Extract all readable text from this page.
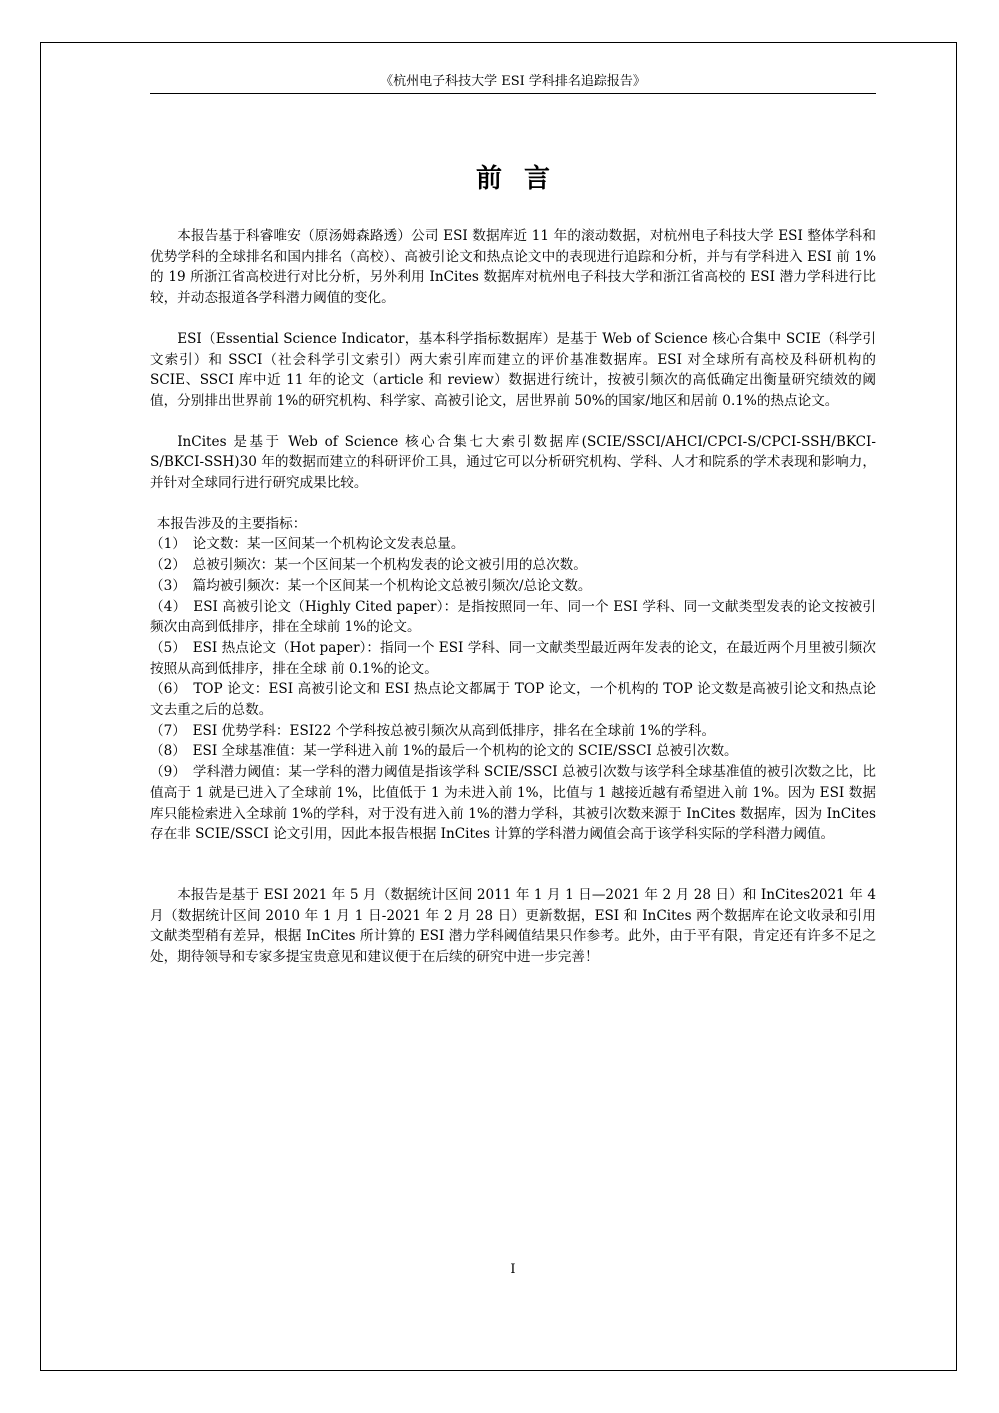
《杭州电子科技大学 ESI 学科排名追踪报告》
前言

本报告基于科睿唯安（原汤姆森路透）公司 ESI 数据库近 11 年的滚动数据，对杭州电子科技大学 ESI 整体学科和优势学科的全球排名和国内排名（高校）、高被引论文和热点论文中的表现进行追踪和分析，并与有学科进入 ESI 前 1%的 19 所浙江省高校进行对比分析，另外利用 InCites 数据库对杭州电子科技大学和浙江省高校的 ESI 潜力学科进行比较，并动态报道各学科潜力阈值的变化。

ESI（Essential Science Indicator，基本科学指标数据库）是基于 Web of Science 核心合集中 SCIE（科学引文索引）和 SSCI（社会科学引文索引）两大索引库而建立的评价基准数据库。ESI 对全球所有高校及科研机构的 SCIE、SSCI 库中近 11 年的论文（article 和 review）数据进行统计，按被引频次的高低确定出衡量研究绩效的阈值，分别排出世界前 1%的研究机构、科学家、高被引论文，居世界前 50%的国家/地区和居前 0.1%的热点论文。

InCites 是基于 Web of Science 核心合集七大索引数据库(SCIE/SSCI/AHCI/CPCI-S/CPCI-SSH/BKCI-S/BKCI-SSH)30 年的数据而建立的科研评价工具，通过它可以分析研究机构、学科、人才和院系的学术表现和影响力，并针对全球同行进行研究成果比较。

本报告涉及的主要指标：

（1）　论文数：某一区间某一个机构论文发表总量。

（2）　总被引频次：某一个区间某一个机构发表的论文被引用的总次数。

（3）　篇均被引频次：某一个区间某一个机构论文总被引频次/总论文数。

（4）　ESI 高被引论文（Highly Cited paper）：是指按照同一年、同一个 ESI 学科、同一文献类型发表的论文按被引频次由高到低排序，排在全球前 1%的论文。

（5）　ESI 热点论文（Hot paper）：指同一个 ESI 学科、同一文献类型最近两年发表的论文，在最近两个月里被引频次按照从高到低排序，排在全球 前 0.1%的论文。

（6）　TOP 论文：ESI 高被引论文和 ESI 热点论文都属于 TOP 论文，一个机构的 TOP 论文数是高被引论文和热点论文去重之后的总数。

（7）　ESI 优势学科：ESI22 个学科按总被引频次从高到低排序，排名在全球前 1%的学科。

（8）　ESI 全球基准值：某一学科进入前 1%的最后一个机构的论文的 SCIE/SSCI 总被引次数。

（9）　学科潜力阈值：某一学科的潜力阈值是指该学科 SCIE/SSCI 总被引次数与该学科全球基准值的被引次数之比，比值高于 1 就是已进入了全球前 1%，比值低于 1 为未进入前 1%，比值与 1 越接近越有希望进入前 1%。因为 ESI 数据库只能检索进入全球前 1%的学科，对于没有进入前 1%的潜力学科，其被引次数来源于 InCites 数据库，因为 InCites 存在非 SCIE/SSCI 论文引用，因此本报告根据 InCites 计算的学科潜力阈值会高于该学科实际的学科潜力阈值。

本报告是基于 ESI 2021 年 5 月（数据统计区间 2011 年 1 月 1 日—2021 年 2 月 28 日）和 InCites2021 年 4 月（数据统计区间 2010 年 1 月 1 日-2021 年 2 月 28 日）更新数据，ESI 和 InCites 两个数据库在论文收录和引用文献类型稍有差异，根据 InCites 所计算的 ESI 潜力学科阈值结果只作参考。此外，由于平有限，肯定还有许多不足之处，期待领导和专家多提宝贵意见和建议便于在后续的研究中进一步完善！

I
